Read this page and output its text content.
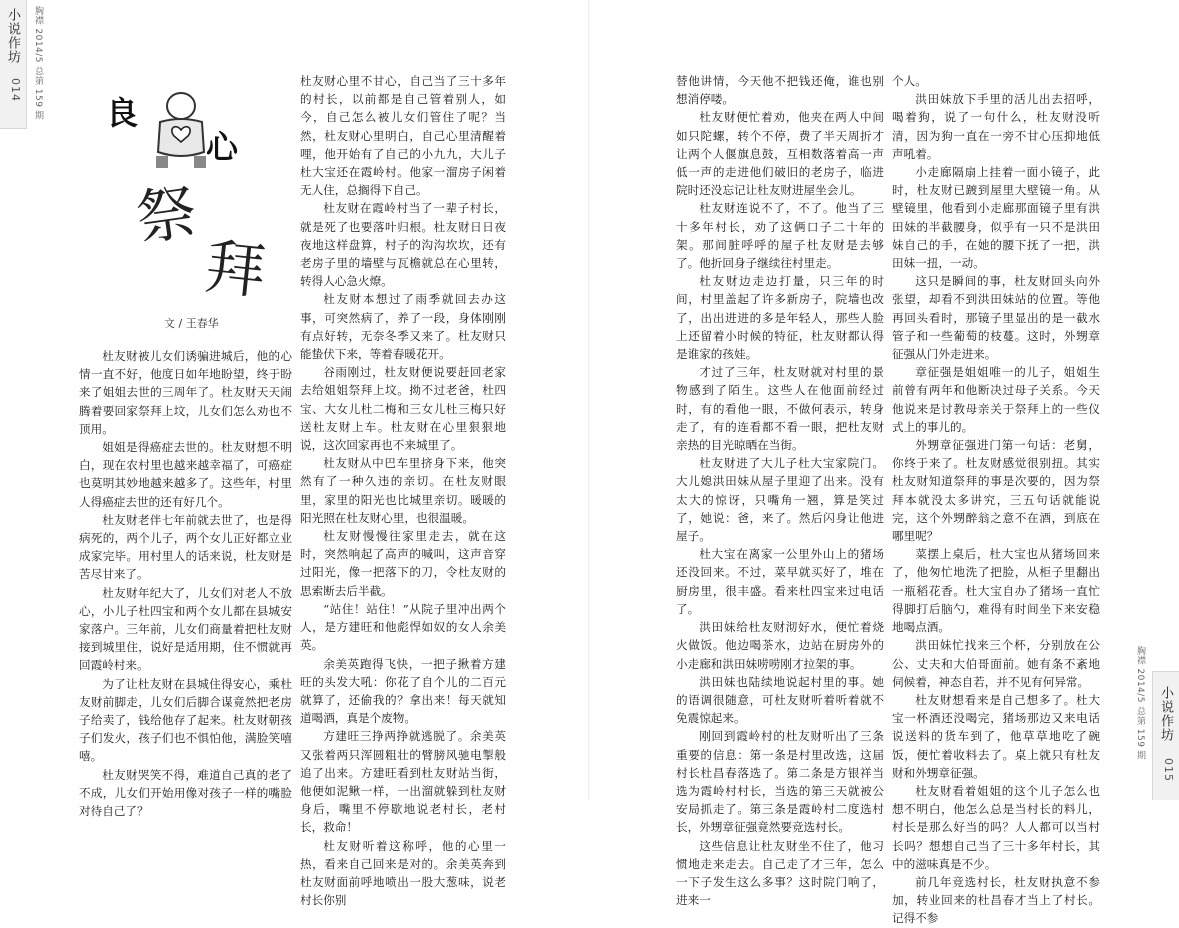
小说作坊
014 胸襟 2014/5 总第 159 期 良
心
祭
拜
文 / 王春华

杜友财被儿女们诱骗进城后，他的心情一直不好，他度日如年地盼望，终于盼来了姐姐去世的三周年了。杜友财天天闹腾着要回家祭拜上坟，儿女们怎么劝也不顶用。

姐姐是得癌症去世的。杜友财想不明白，现在农村里也越来越幸福了，可癌症也莫明其妙地越来越多了。这些年，村里人得癌症去世的还有好几个。

杜友财老伴七年前就去世了，也是得病死的，两个儿子，两个女儿正好都立业成家完毕。用村里人的话来说，杜友财是苦尽甘来了。

杜友财年纪大了，儿女们对老人不放心，小儿子杜四宝和两个女儿都在县城安家落户。三年前，儿女们商量着把杜友财接到城里住，说好是适用期，住不惯就再回霞岭村来。

为了让杜友财在县城住得安心，乘杜友财前脚走，儿女们后脚合谋竟然把老房子给卖了，钱给他存了起来。杜友财朝孩子们发火，孩子们也不惧怕他，满脸笑嘻嘻。

杜友财哭笑不得，难道自己真的老了不成，儿女们开始用像对孩子一样的嘴脸对待自己了？

杜友财心里不甘心，自己当了三十多年的村长，以前都是自己管着别人，如今，自己怎么被儿女们管住了呢？当然，杜友财心里明白，自己心里清醒着哩，他开始有了自己的小九九，大儿子杜大宝还在霞岭村。他家一溜房子闲着无人住，总搁得下自己。

杜友财在霞岭村当了一辈子村长，就是死了也要落叶归根。杜友财日日夜夜地这样盘算，村子的沟沟坎坎，还有老房子里的墙壁与瓦檐就总在心里转，转得人心急火燎。

杜友财本想过了雨季就回去办这事，可突然病了，养了一段，身体刚刚有点好转，无奈冬季又来了。杜友财只能蛰伏下来，等着春暖花开。

谷雨刚过，杜友财便说要赶回老家去给姐姐祭拜上坟。拗不过老爸，杜四宝、大女儿杜二梅和三女儿杜三梅只好送杜友财上车。杜友财在心里狠狠地说，这次回家再也不来城里了。

杜友财从中巴车里挤身下来，他突然有了一种久违的亲切。在杜友财眼里，家里的阳光也比城里亲切。暖暖的阳光照在杜友财心里，也很温暖。

杜友财慢慢往家里走去，就在这时，突然响起了高声的喊叫，这声音穿过阳光，像一把落下的刀，令杜友财的思索断去后半截。

“站住！站住！”从院子里冲出两个人，是方建旺和他彪悍如奴的女人余美英。

余美英跑得飞快，一把子揪着方建旺的头发大吼：你花了自个儿的二百元就算了，还偷我的？拿出来！每天就知道喝酒，真是个废物。

方建旺三挣两挣就逃脱了。余美英又张着两只浑圆粗壮的臂膀风驰电掣般追了出来。方建旺看到杜友财站当街，他便如泥鳅一样，一出溜就躲到杜友财身后，嘴里不停歇地说老村长，老村长，救命！

杜友财听着这称呼，他的心里一热，看来自己回来是对的。余美英奔到杜友财面前呼地喷出一股大葱味，说老村长你别

替他讲情，今天他不把钱还俺，谁也别想消停喽。

杜友财便忙着劝，他夹在两人中间如只陀螺，转个不停，费了半天周折才让两个人偃旗息鼓，互相数落着高一声低一声的走进他们破旧的老房子，临进院时还没忘记让杜友财进屋坐会儿。

杜友财连说不了，不了。他当了三十多年村长，劝了这俩口子二十年的架。那间脏呼呼的屋子杜友财是去够了。他折回身子继续往村里走。

杜友财边走边打量，只三年的时间，村里盖起了许多新房子，院墙也改了，出出进进的多是年轻人，那些人脸上还留着小时候的特征，杜友财都认得是谁家的孩娃。

才过了三年，杜友财就对村里的景物感到了陌生。这些人在他面前经过时，有的看他一眼，不做何表示，转身走了，有的连看都不看一眼，把杜友财亲热的目光晾晒在当街。

杜友财进了大儿子杜大宝家院门。大儿媳洪田妹从屋子里迎了出来。没有太大的惊讶，只嘴角一翘，算是笑过了，她说：爸，来了。然后闪身让他进屋子。

杜大宝在离家一公里外山上的猪场还没回来。不过，菜早就买好了，堆在厨房里，很丰盛。看来杜四宝来过电话了。

洪田妹给杜友财沏好水，便忙着烧火做饭。他边喝茶水，边站在厨房外的小走廊和洪田妹唠唠刚才拉架的事。

洪田妹也陆续地说起村里的事。她的语调很随意，可杜友财听着听着就不免震惊起来。

刚回到霞岭村的杜友财听出了三条重要的信息：第一条是村里改选，这届村长杜昌春落选了。第二条是方银祥当选为霞岭村村长，当选的第三天就被公安局抓走了。第三条是霞岭村二度选村长，外甥章征强竟然要竞选村长。

这些信息让杜友财坐不住了，他习惯地走来走去。自己走了才三年，怎么一下子发生这么多事？这时院门响了，进来一

个人。

洪田妹放下手里的活儿出去招呼，喝着狗，说了一句什么，杜友财没听清，因为狗一直在一旁不甘心压抑地低声吼着。

小走廊隔扇上挂着一面小镜子，此时，杜友财已踱到屋里大壁镜一角。从壁镜里，他看到小走廊那面镜子里有洪田妹的半截腰身，似乎有一只不是洪田妹自己的手，在她的腰下抚了一把，洪田妹一扭，一动。

这只是瞬间的事，杜友财回头向外张望，却看不到洪田妹站的位置。等他再回头看时，那镜子里显出的是一截水管子和一些葡萄的枝蔓。这时，外甥章征强从门外走进来。

章征强是姐姐唯一的儿子，姐姐生前曾有两年和他断决过母子关系。今天他说来是讨教母亲关于祭拜上的一些仪式上的事儿的。

外甥章征强进门第一句话：老舅，你终于来了。杜友财感觉很别扭。其实杜友财知道祭拜的事是次要的，因为祭拜本就没太多讲究，三五句话就能说完，这个外甥醉翁之意不在酒，到底在哪里呢？

菜摆上桌后，杜大宝也从猪场回来了，他匆忙地洗了把脸，从柜子里翻出一瓶稻花香。杜大宝自办了猪场一直忙得脚打后脑勺，难得有时间坐下来安稳地喝点酒。

洪田妹忙找来三个杯，分别放在公公、丈夫和大伯哥面前。她有条不紊地伺候着，神态自若，并不见有何异常。

杜友财想看来是自己想多了。杜大宝一杯酒还没喝完，猪场那边又来电话说送料的货车到了，他草草地吃了碗饭，便忙着收料去了。桌上就只有杜友财和外甥章征强。

杜友财看着姐姐的这个儿子怎么也想不明白，他怎么总是当村长的料儿，村长是那么好当的吗？人人都可以当村长吗？想想自己当了三十多年村长，其中的滋味真是不少。

前几年竞选村长，杜友财执意不参加，转业回来的杜昌春才当上了村长。记得不参

胸襟 2014/5 总第 159 期 小说作坊
015
